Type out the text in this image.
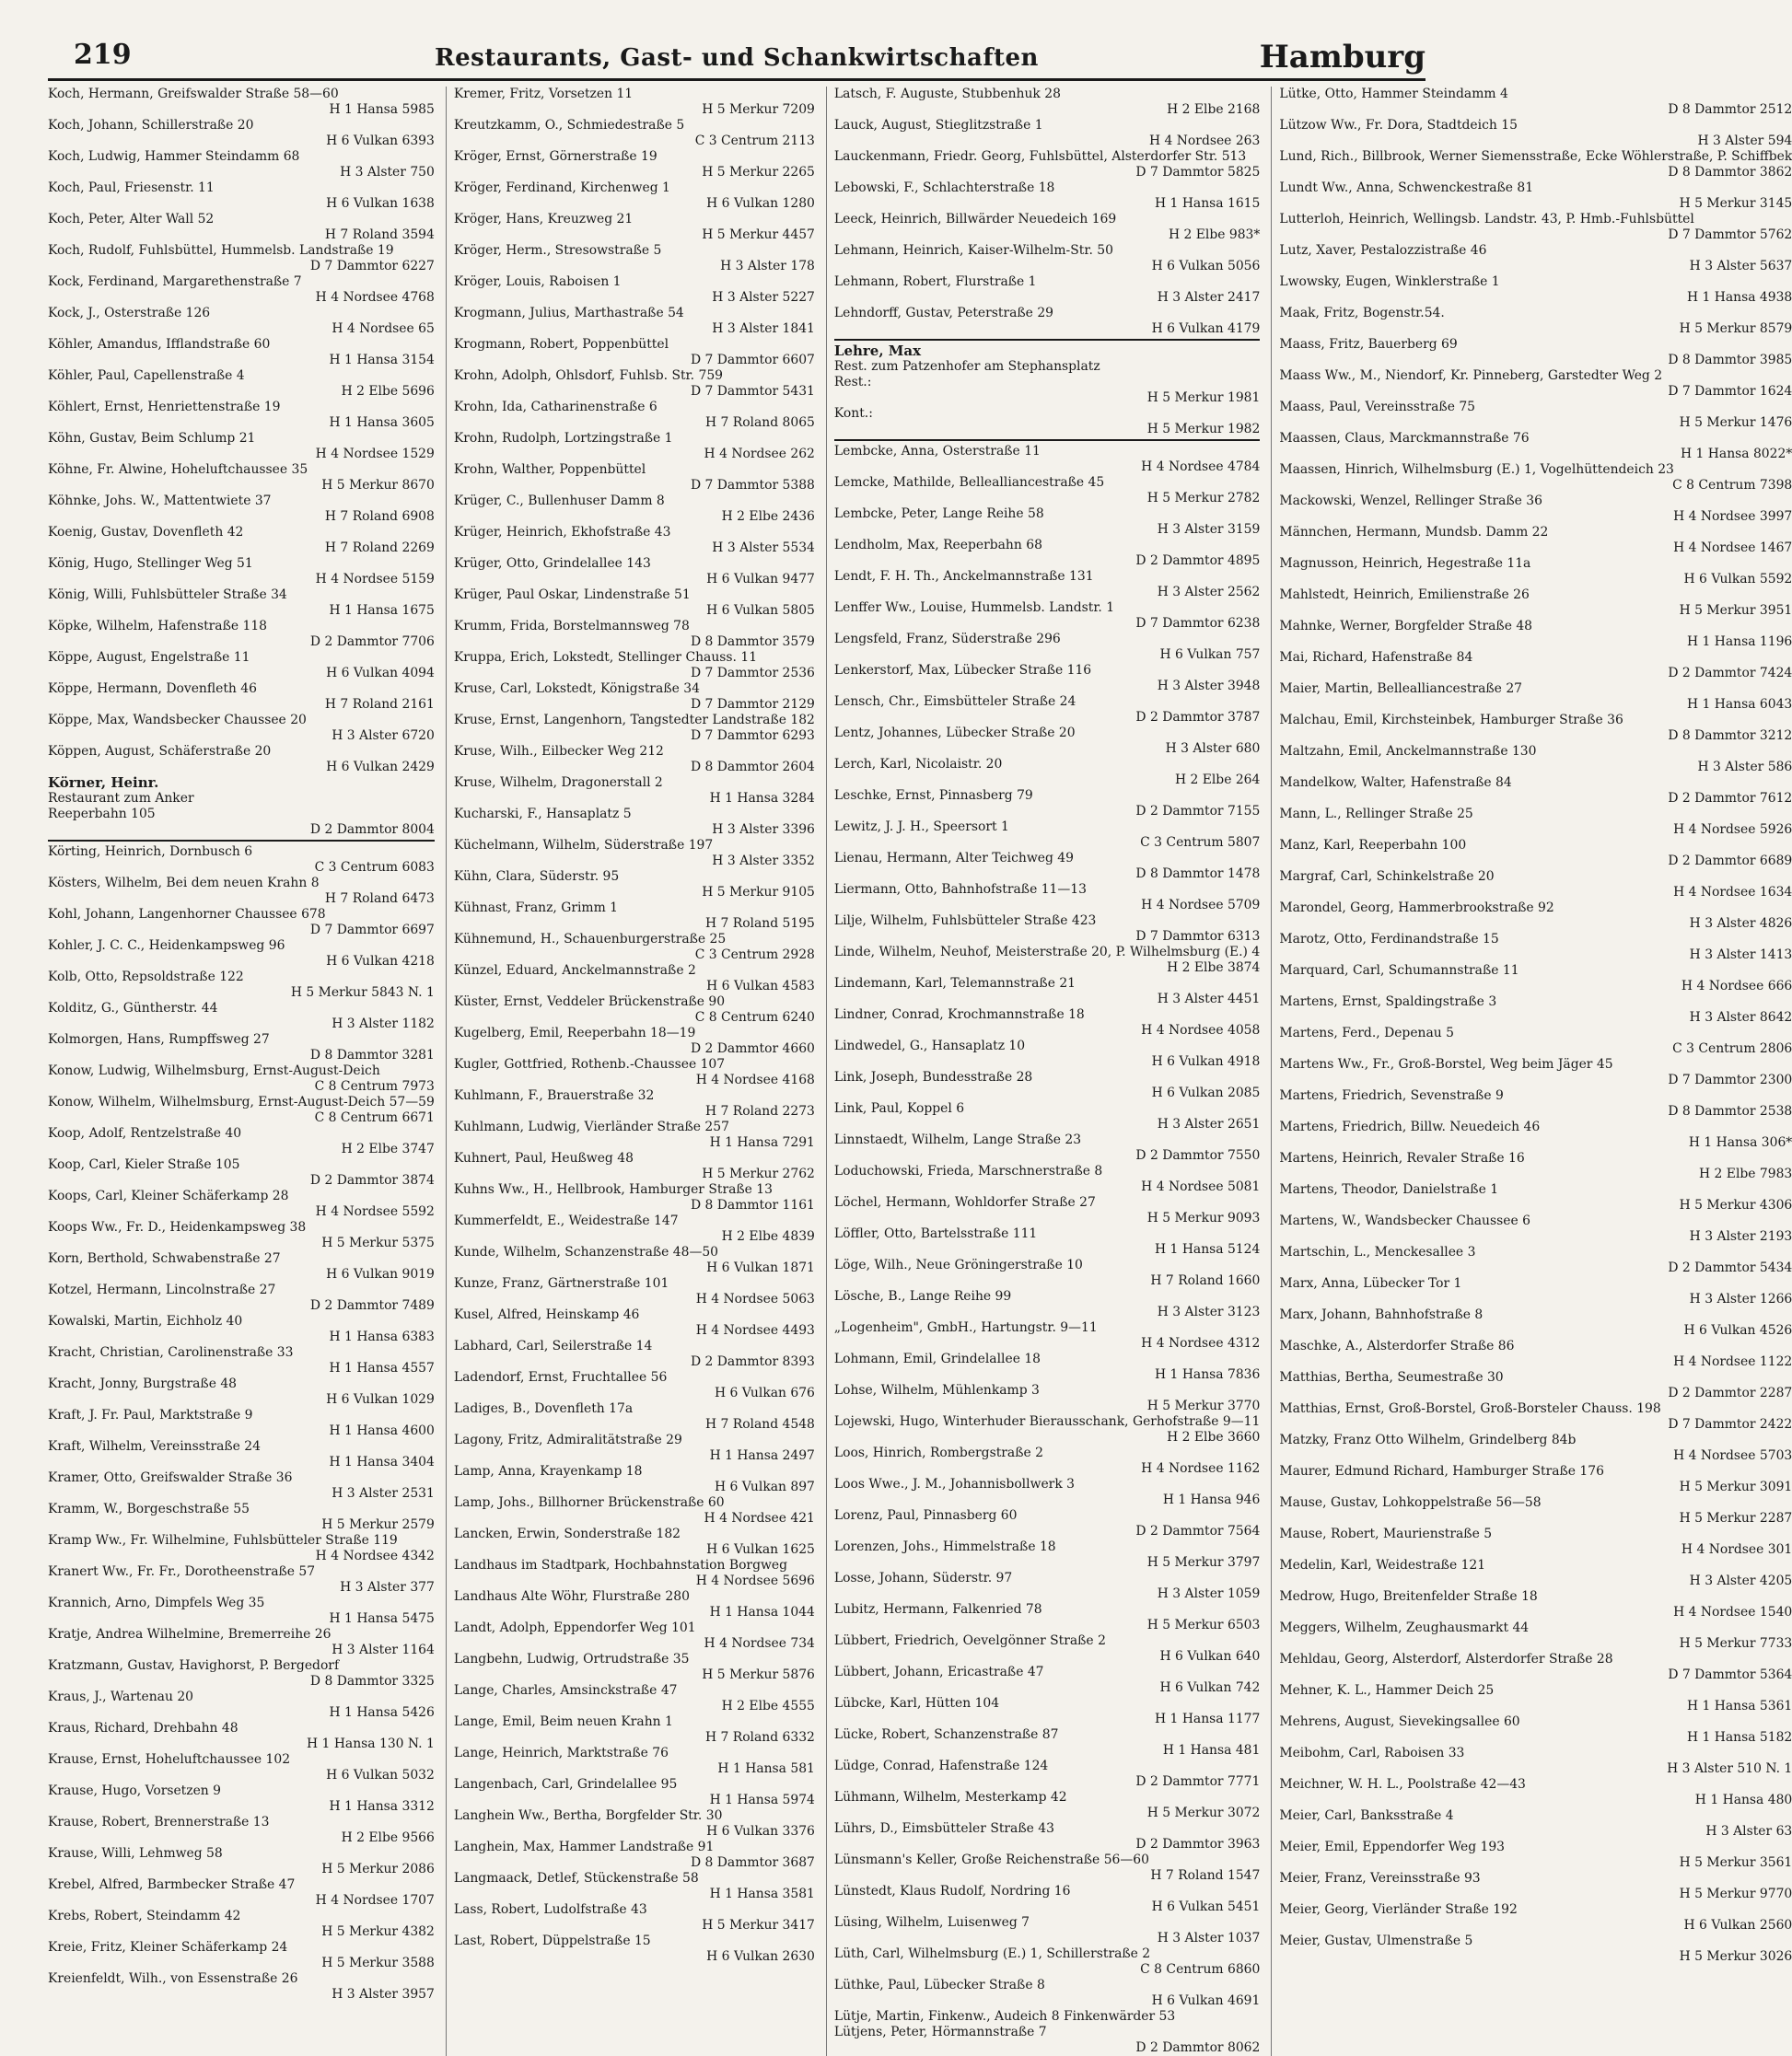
219	Restaurants, Gast- und Schankwirtschaften	Hamburg
Koch, Hermann, Greifswalder Straße 58—60
H 1 Hansa 5985
Koch, Johann, Schillerstraße 20
H 6 Vulkan 6393
Koch, Ludwig, Hammer Steindamm 68
H 3 Alster 750
Koch, Paul, Friesenstr. 11
H 6 Vulkan 1638
Koch, Peter, Alter Wall 52
H 7 Roland 3594
Koch, Rudolf, Fuhlsbüttel, Hummelsb. Landstraße 19
D 7 Dammtor 6227
Kock, Ferdinand, Margarethenstraße 7
H 4 Nordsee 4768
Kock, J., Osterstraße 126
H 4 Nordsee 65
Köhler, Amandus, Ifflandstraße 60
H 1 Hansa 3154
Köhler, Paul, Capellenstraße 4
H 2 Elbe 5696
Köhlert, Ernst, Henriettenstraße 19
H 1 Hansa 3605
Köhn, Gustav, Beim Schlump 21
H 4 Nordsee 1529
Köhne, Fr. Alwine, Hoheluftchaussee 35
H 5 Merkur 8670
Köhnke, Johs. W., Mattentwiete 37
H 7 Roland 6908
Koenig, Gustav, Dovenfleth 42
H 7 Roland 2269
König, Hugo, Stellinger Weg 51
H 4 Nordsee 5159
König, Willi, Fuhlsbütteler Straße 34
H 1 Hansa 1675
Köpke, Wilhelm, Hafenstraße 118
D 2 Dammtor 7706
Köppe, August, Engelstraße 11
H 6 Vulkan 4094
Köppe, Hermann, Dovenfleth 46
H 7 Roland 2161
Köppe, Max, Wandsbecker Chaussee 20
H 3 Alster 6720
Köppen, August, Schäferstraße 20
H 6 Vulkan 2429
Körner, Heinr.
Restaurant zum Anker
Reeperbahn 105
D 2 Dammtor 8004
Körting, Heinrich, Dornbusch 6
C 3 Centrum 6083
Kösters, Wilhelm, Bei dem neuen Krahn 8
H 7 Roland 6473
Kohl, Johann, Langenhorner Chaussee 678
D 7 Dammtor 6697
Kohler, J. C. C., Heidenkampsweg 96
H 6 Vulkan 4218
Kolb, Otto, Repsoldstraße 122
H 5 Merkur 5843 N. 1
Kolditz, G., Güntherstr. 44
H 3 Alster 1182
Kolmorgen, Hans, Rumpffsweg 27
D 8 Dammtor 3281
Konow, Ludwig, Wilhelmsburg, Ernst-August-Deich
C 8 Centrum 7973
Konow, Wilhelm, Wilhelmsburg, Ernst-August-Deich 57—59
C 8 Centrum 6671
Koop, Adolf, Rentzelstraße 40
H 2 Elbe 3747
Koop, Carl, Kieler Straße 105
D 2 Dammtor 3874
Koops, Carl, Kleiner Schäferkamp 28
H 4 Nordsee 5592
Koops Ww., Fr. D., Heidenkampsweg 38
H 5 Merkur 5375
Korn, Berthold, Schwabenstraße 27
H 6 Vulkan 9019
Kotzel, Hermann, Lincolnstraße 27
D 2 Dammtor 7489
Kowalski, Martin, Eichholz 40
H 1 Hansa 6383
Kracht, Christian, Carolinenstraße 33
H 1 Hansa 4557
Kracht, Jonny, Burgstraße 48
H 6 Vulkan 1029
Kraft, J. Fr. Paul, Marktstraße 9
H 1 Hansa 4600
Kraft, Wilhelm, Vereinsstraße 24
H 1 Hansa 3404
Kramer, Otto, Greifswalder Straße 36
H 3 Alster 2531
Kramm, W., Borgeschstraße 55
H 5 Merkur 2579
Kramp Ww., Fr. Wilhelmine, Fuhlsbütteler Straße 119
H 4 Nordsee 4342
Kranert Ww., Fr. Fr., Dorotheenstraße 57
H 3 Alster 377
Krannich, Arno, Dimpfels Weg 35
H 1 Hansa 5475
Kratje, Andrea Wilhelmine, Bremerreihe 26
H 3 Alster 1164
Kratzmann, Gustav, Havighorst, P. Bergedorf
D 8 Dammtor 3325
Kraus, J., Wartenau 20
H 1 Hansa 5426
Kraus, Richard, Drehbahn 48
H 1 Hansa 130 N. 1
Krause, Ernst, Hoheluftchaussee 102
H 6 Vulkan 5032
Krause, Hugo, Vorsetzen 9
H 1 Hansa 3312
Krause, Robert, Brennerstraße 13
H 2 Elbe 9566
Krause, Willi, Lehmweg 58
H 5 Merkur 2086
Krebel, Alfred, Barmbecker Straße 47
H 4 Nordsee 1707
Krebs, Robert, Steindamm 42
H 5 Merkur 4382
Kreie, Fritz, Kleiner Schäferkamp 24
H 5 Merkur 3588
Kreienfeldt, Wilh., von Essenstraße 26
H 3 Alster 3957
Kremer, Fritz, Vorsetzen 11
H 5 Merkur 7209
Kreutzkamm, O., Schmiedestraße 5
C 3 Centrum 2113
Kröger, Ernst, Görnerstraße 19
H 5 Merkur 2265
Kröger, Ferdinand, Kirchenweg 1
H 6 Vulkan 1280
Kröger, Hans, Kreuzweg 21
H 5 Merkur 4457
Kröger, Herm., Stresowstraße 5
H 3 Alster 178
Kröger, Louis, Raboisen 1
H 3 Alster 5227
Krogmann, Julius, Marthastraße 54
H 3 Alster 1841
Krogmann, Robert, Poppenbüttel
D 7 Dammtor 6607
Krohn, Adolph, Ohlsdorf, Fuhlsb. Str. 759
D 7 Dammtor 5431
Krohn, Ida, Catharinenstraße 6
H 7 Roland 8065
Krohn, Rudolph, Lortzingstraße 1
H 4 Nordsee 262
Krohn, Walther, Poppenbüttel
D 7 Dammtor 5388
Krüger, C., Bullenhuser Damm 8
H 2 Elbe 2436
Krüger, Heinrich, Ekhofstraße 43
H 3 Alster 5534
Krüger, Otto, Grindelallee 143
H 6 Vulkan 9477
Krüger, Paul Oskar, Lindenstraße 51
H 6 Vulkan 5805
Krumm, Frida, Borstelmannsweg 78
D 8 Dammtor 3579
Kruppa, Erich, Lokstedt, Stellinger Chauss. 11
D 7 Dammtor 2536
Kruse, Carl, Lokstedt, Königstraße 34
D 7 Dammtor 2129
Kruse, Ernst, Langenhorn, Tangstedter Landstraße 182
D 7 Dammtor 6293
Kruse, Wilh., Eilbecker Weg 212
D 8 Dammtor 2604
Kruse, Wilhelm, Dragonerstall 2
H 1 Hansa 3284
Kucharski, F., Hansaplatz 5
H 3 Alster 3396
Küchelmann, Wilhelm, Süderstraße 197
H 3 Alster 3352
Kühn, Clara, Süderstr. 95
H 5 Merkur 9105
Kühnast, Franz, Grimm 1
H 7 Roland 5195
Kühnemund, H., Schauenburgerstraße 25
C 3 Centrum 2928
Künzel, Eduard, Anckelmannstraße 2
H 6 Vulkan 4583
Küster, Ernst, Veddeler Brückenstraße 90
C 8 Centrum 6240
Kugelberg, Emil, Reeperbahn 18—19
D 2 Dammtor 4660
Kugler, Gottfried, Rothenb.-Chaussee 107
H 4 Nordsee 4168
Kuhlmann, F., Brauerstraße 32
H 7 Roland 2273
Kuhlmann, Ludwig, Vierländer Straße 257
H 1 Hansa 7291
Kuhnert, Paul, Heußweg 48
H 5 Merkur 2762
Kuhns Ww., H., Hellbrook, Hamburger Straße 13
D 8 Dammtor 1161
Kummerfeldt, E., Weidestraße 147
H 2 Elbe 4839
Kunde, Wilhelm, Schanzenstraße 48—50
H 6 Vulkan 1871
Kunze, Franz, Gärtnerstraße 101
H 4 Nordsee 5063
Kusel, Alfred, Heinskamp 46
H 4 Nordsee 4493
Labhard, Carl, Seilerstraße 14
D 2 Dammtor 8393
Ladendorf, Ernst, Fruchtallee 56
H 6 Vulkan 676
Ladiges, B., Dovenfleth 17a
H 7 Roland 4548
Lagony, Fritz, Admiralitätstraße 29
H 1 Hansa 2497
Lamp, Anna, Krayenkamp 18
H 6 Vulkan 897
Lamp, Johs., Billhorner Brückenstraße 60
H 4 Nordsee 421
Lancken, Erwin, Sonderstraße 182
H 6 Vulkan 1625
Landhaus im Stadtpark, Hochbahnstation Borgweg
H 4 Nordsee 5696
Landhaus Alte Wöhr, Flurstraße 280
H 1 Hansa 1044
Landt, Adolph, Eppendorfer Weg 101
H 4 Nordsee 734
Langbehn, Ludwig, Ortrudstraße 35
H 5 Merkur 5876
Lange, Charles, Amsinckstraße 47
H 2 Elbe 4555
Lange, Emil, Beim neuen Krahn 1
H 7 Roland 6332
Lange, Heinrich, Marktstraße 76
H 1 Hansa 581
Langenbach, Carl, Grindelallee 95
H 1 Hansa 5974
Langhein Ww., Bertha, Borgfelder Str. 30
H 6 Vulkan 3376
Langhein, Max, Hammer Landstraße 91
D 8 Dammtor 3687
Langmaack, Detlef, Stückenstraße 58
H 1 Hansa 3581
Lass, Robert, Ludolfstraße 43
H 5 Merkur 3417
Last, Robert, Düppelstraße 15
H 6 Vulkan 2630
Latsch, F. Auguste, Stubbenhuk 28
H 2 Elbe 2168
Lauck, August, Stieglitzstraße 1
H 4 Nordsee 263
Lauckenmann, Friedr. Georg, Fuhlsbüttel, Alsterdorfer Str. 513
D 7 Dammtor 5825
Lebowski, F., Schlachterstraße 18
H 1 Hansa 1615
Leeck, Heinrich, Billwärder Neuedeich 169
H 2 Elbe 983*
Lehmann, Heinrich, Kaiser-Wilhelm-Str. 50
H 6 Vulkan 5056
Lehmann, Robert, Flurstraße 1
H 3 Alster 2417
Lehndorff, Gustav, Peterstraße 29
H 6 Vulkan 4179
Lehre, Max
Rest. zum Patzenhofer am Stephansplatz
Rest.:
H 5 Merkur 1981
Kont.:
H 5 Merkur 1982
Lembcke, Anna, Osterstraße 11
H 4 Nordsee 4784
Lemcke, Mathilde, Bellealliancestraße 45
H 5 Merkur 2782
Lembcke, Peter, Lange Reihe 58
H 3 Alster 3159
Lendholm, Max, Reeperbahn 68
D 2 Dammtor 4895
Lendt, F. H. Th., Anckelmannstraße 131
H 3 Alster 2562
Lenffer Ww., Louise, Hummelsb. Landstr. 1
D 7 Dammtor 6238
Lengsfeld, Franz, Süderstraße 296
H 6 Vulkan 757
Lenkerstorf, Max, Lübecker Straße 116
H 3 Alster 3948
Lensch, Chr., Eimsbütteler Straße 24
D 2 Dammtor 3787
Lentz, Johannes, Lübecker Straße 20
H 3 Alster 680
Lerch, Karl, Nicolaistr. 20
H 2 Elbe 264
Leschke, Ernst, Pinnasberg 79
D 2 Dammtor 7155
Lewitz, J. J. H., Speersort 1
C 3 Centrum 5807
Lienau, Hermann, Alter Teichweg 49
D 8 Dammtor 1478
Liermann, Otto, Bahnhofstraße 11—13
H 4 Nordsee 5709
Lilje, Wilhelm, Fuhlsbütteler Straße 423
D 7 Dammtor 6313
Linde, Wilhelm, Neuhof, Meisterstraße 20, P. Wilhelmsburg (E.) 4
H 2 Elbe 3874
Lindemann, Karl, Telemannstraße 21
H 3 Alster 4451
Lindner, Conrad, Krochmannstraße 18
H 4 Nordsee 4058
Lindwedel, G., Hansaplatz 10
H 6 Vulkan 4918
Link, Joseph, Bundesstraße 28
H 6 Vulkan 2085
Link, Paul, Koppel 6
H 3 Alster 2651
Linnstaedt, Wilhelm, Lange Straße 23
D 2 Dammtor 7550
Loduchowski, Frieda, Marschnerstraße 8
H 4 Nordsee 5081
Löchel, Hermann, Wohldorfer Straße 27
H 5 Merkur 9093
Löffler, Otto, Bartelsstraße 111
H 1 Hansa 5124
Löge, Wilh., Neue Gröningerstraße 10
H 7 Roland 1660
Lösche, B., Lange Reihe 99
H 3 Alster 3123
„Logenheim", GmbH., Hartungstr. 9—11
H 4 Nordsee 4312
Lohmann, Emil, Grindelallee 18
H 1 Hansa 7836
Lohse, Wilhelm, Mühlenkamp 3
H 5 Merkur 3770
Lojewski, Hugo, Winterhuder Bierausschank, Gerhofstraße 9—11
H 2 Elbe 3660
Loos, Hinrich, Rombergstraße 2
H 4 Nordsee 1162
Loos Wwe., J. M., Johannisbollwerk 3
H 1 Hansa 946
Lorenz, Paul, Pinnasberg 60
D 2 Dammtor 7564
Lorenzen, Johs., Himmelstraße 18
H 5 Merkur 3797
Losse, Johann, Süderstr. 97
H 3 Alster 1059
Lubitz, Hermann, Falkenried 78
H 5 Merkur 6503
Lübbert, Friedrich, Oevelgönner Straße 2
H 6 Vulkan 640
Lübbert, Johann, Ericastraße 47
H 6 Vulkan 742
Lübcke, Karl, Hütten 104
H 1 Hansa 1177
Lücke, Robert, Schanzenstraße 87
H 1 Hansa 481
Lüdge, Conrad, Hafenstraße 124
D 2 Dammtor 7771
Lühmann, Wilhelm, Mesterkamp 42
H 5 Merkur 3072
Lührs, D., Eimsbütteler Straße 43
D 2 Dammtor 3963
Lünsmann's Keller, Große Reichenstraße 56—60
H 7 Roland 1547
Lünstedt, Klaus Rudolf, Nordring 16
H 6 Vulkan 5451
Lüsing, Wilhelm, Luisenweg 7
H 3 Alster 1037
Lüth, Carl, Wilhelmsburg (E.) 1, Schillerstraße 2
C 8 Centrum 6860
Lüthke, Paul, Lübecker Straße 8
H 6 Vulkan 4691
Lütje, Martin, Finkenw., Audeich 8 Finkenwärder 53
Lütjens, Peter, Hörmannstraße 7
D 2 Dammtor 8062
Lütke, Otto, Hammer Steindamm 4
D 8 Dammtor 2512
Lützow Ww., Fr. Dora, Stadtdeich 15
H 3 Alster 594
Lund, Rich., Billbrook, Werner Siemensstraße, Ecke Wöhlerstraße, P. Schiffbek
D 8 Dammtor 3862
Lundt Ww., Anna, Schwenckestraße 81
H 5 Merkur 3145
Lutterloh, Heinrich, Wellingsb. Landstr. 43, P. Hmb.-Fuhlsbüttel
D 7 Dammtor 5762
Lutz, Xaver, Pestalozzistraße 46
H 3 Alster 5637
Lwowsky, Eugen, Winklerstraße 1
H 1 Hansa 4938
Maak, Fritz, Bogenstr.54.
H 5 Merkur 8579
Maass, Fritz, Bauerberg 69
D 8 Dammtor 3985
Maass Ww., M., Niendorf, Kr. Pinneberg, Garstedter Weg 2
D 7 Dammtor 1624
Maass, Paul, Vereinsstraße 75
H 5 Merkur 1476
Maassen, Claus, Marckmannstraße 76
H 1 Hansa 8022*
Maassen, Hinrich, Wilhelmsburg (E.) 1, Vogelhüttendeich 23
C 8 Centrum 7398
Mackowski, Wenzel, Rellinger Straße 36
H 4 Nordsee 3997
Männchen, Hermann, Mundsb. Damm 22
H 4 Nordsee 1467
Magnusson, Heinrich, Hegestraße 11a
H 6 Vulkan 5592
Mahlstedt, Heinrich, Emilienstraße 26
H 5 Merkur 3951
Mahnke, Werner, Borgfelder Straße 48
H 1 Hansa 1196
Mai, Richard, Hafenstraße 84
D 2 Dammtor 7424
Maier, Martin, Bellealliancestraße 27
H 1 Hansa 6043
Malchau, Emil, Kirchsteinbek, Hamburger Straße 36
D 8 Dammtor 3212
Maltzahn, Emil, Anckelmannstraße 130
H 3 Alster 586
Mandelkow, Walter, Hafenstraße 84
D 2 Dammtor 7612
Mann, L., Rellinger Straße 25
H 4 Nordsee 5926
Manz, Karl, Reeperbahn 100
D 2 Dammtor 6689
Margraf, Carl, Schinkelstraße 20
H 4 Nordsee 1634
Marondel, Georg, Hammerbrookstraße 92
H 3 Alster 4826
Marotz, Otto, Ferdinandstraße 15
H 3 Alster 1413
Marquard, Carl, Schumannstraße 11
H 4 Nordsee 666
Martens, Ernst, Spaldingstraße 3
H 3 Alster 8642
Martens, Ferd., Depenau 5
C 3 Centrum 2806
Martens Ww., Fr., Groß-Borstel, Weg beim Jäger 45
D 7 Dammtor 2300
Martens, Friedrich, Sevenstraße 9
D 8 Dammtor 2538
Martens, Friedrich, Billw. Neuedeich 46
H 1 Hansa 306*
Martens, Heinrich, Revaler Straße 16
H 2 Elbe 7983
Martens, Theodor, Danielstraße 1
H 5 Merkur 4306
Martens, W., Wandsbecker Chaussee 6
H 3 Alster 2193
Martschin, L., Menckesallee 3
D 2 Dammtor 5434
Marx, Anna, Lübecker Tor 1
H 3 Alster 1266
Marx, Johann, Bahnhofstraße 8
H 6 Vulkan 4526
Maschke, A., Alsterdorfer Straße 86
H 4 Nordsee 1122
Matthias, Bertha, Seumestraße 30
D 2 Dammtor 2287
Matthias, Ernst, Groß-Borstel, Groß-Borsteler Chauss. 198
D 7 Dammtor 2422
Matzky, Franz Otto Wilhelm, Grindelberg 84b
H 4 Nordsee 5703
Maurer, Edmund Richard, Hamburger Straße 176
H 5 Merkur 3091
Mause, Gustav, Lohkoppelstraße 56—58
H 5 Merkur 2287
Mause, Robert, Maurienstraße 5
H 4 Nordsee 301
Medelin, Karl, Weidestraße 121
H 3 Alster 4205
Medrow, Hugo, Breitenfelder Straße 18
H 4 Nordsee 1540
Meggers, Wilhelm, Zeughausmarkt 44
H 5 Merkur 7733
Mehldau, Georg, Alsterdorf, Alsterdorfer Straße 28
D 7 Dammtor 5364
Mehner, K. L., Hammer Deich 25
H 1 Hansa 5361
Mehrens, August, Sievekingsallee 60
H 1 Hansa 5182
Meibohm, Carl, Raboisen 33
H 3 Alster 510 N. 1
Meichner, W. H. L., Poolstraße 42—43
H 1 Hansa 480
Meier, Carl, Banksstraße 4
H 3 Alster 63
Meier, Emil, Eppendorfer Weg 193
H 5 Merkur 3561
Meier, Franz, Vereinsstraße 93
H 5 Merkur 9770
Meier, Georg, Vierländer Straße 192
H 6 Vulkan 2560
Meier, Gustav, Ulmenstraße 5
H 5 Merkur 3026
